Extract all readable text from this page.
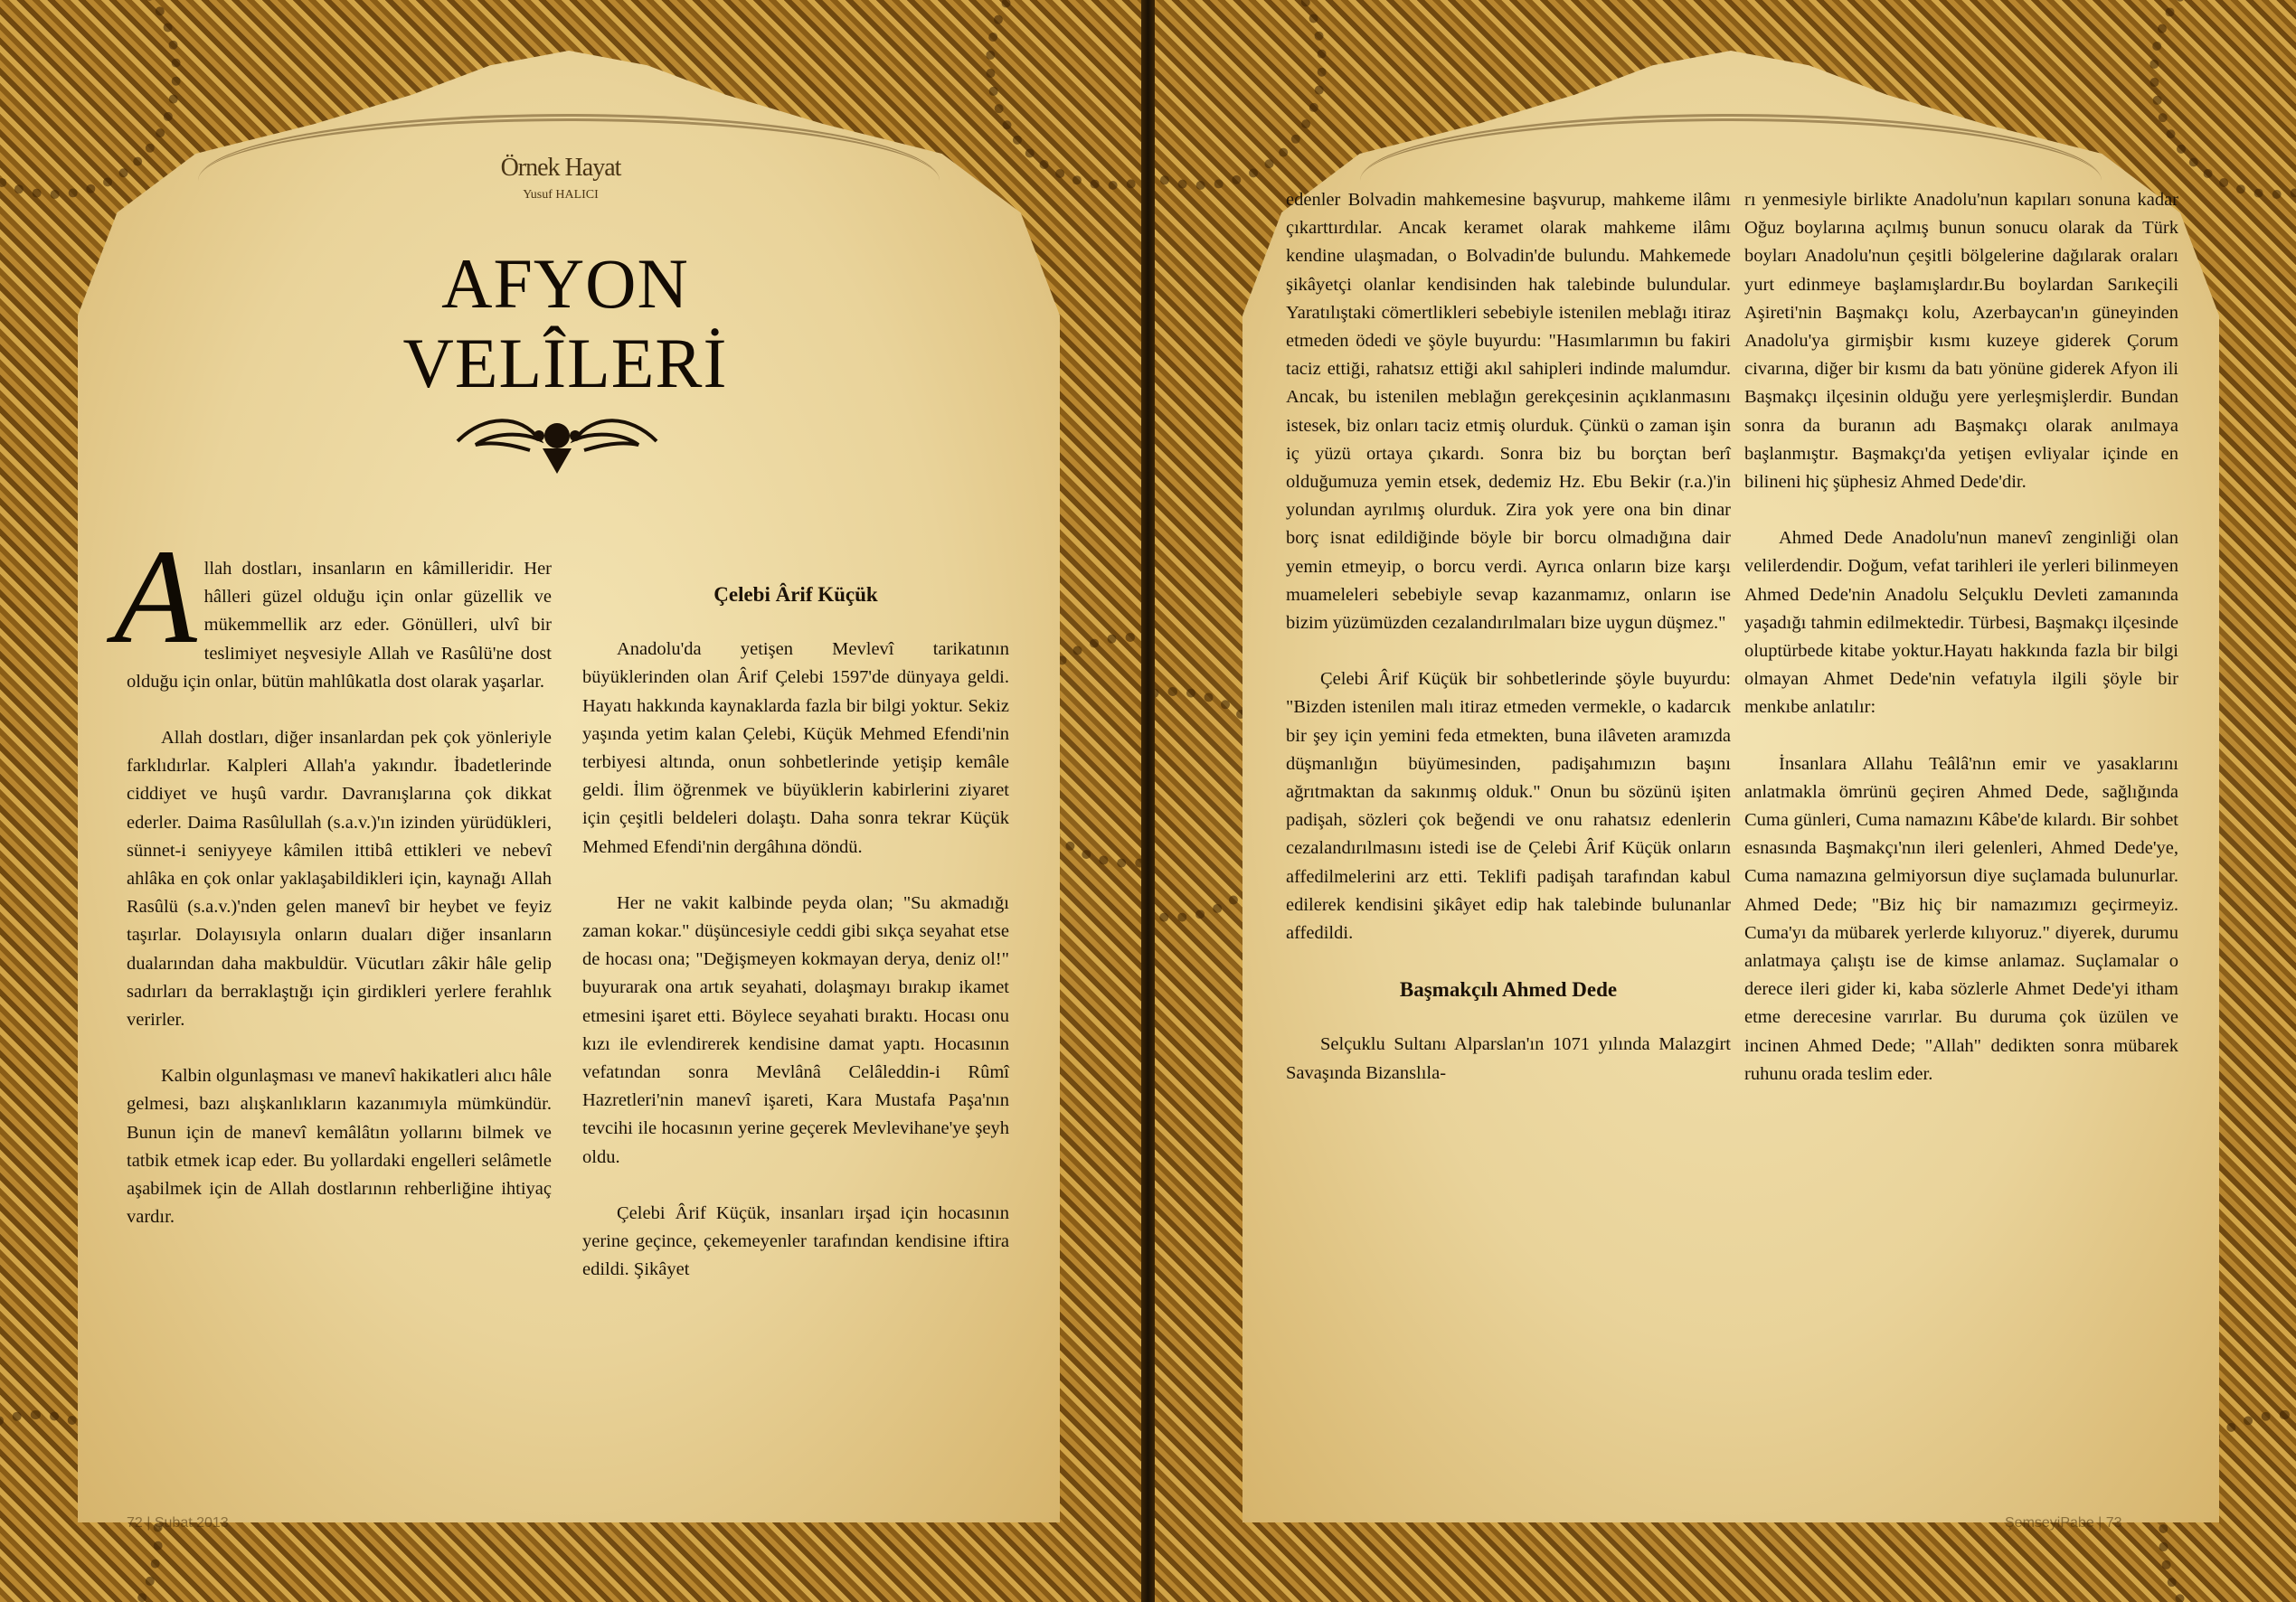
Örnek Hayat
Yusuf HALICI
AFYON
VELÎLERİ

Allah dostları, insanların en kâmilleridir. Her hâlleri güzel olduğu için onlar güzellik ve mükemmellik arz eder. Gönülleri, ulvî bir teslimiyet neşvesiyle Allah ve Rasûlü'ne dost olduğu için onlar, bütün mahlûkatla dost olarak yaşarlar.

Allah dostları, diğer insanlardan pek çok yönleriyle farklıdırlar. Kalpleri Allah'a yakındır. İbadetlerinde ciddiyet ve huşû vardır. Davranışlarına çok dikkat ederler. Daima Rasûlullah (s.a.v.)'ın izinden yürüdükleri, sünnet-i seniyyeye kâmilen ittibâ ettikleri ve nebevî ahlâka en çok onlar yaklaşabildikleri için, kaynağı Allah Rasûlü (s.a.v.)'nden gelen manevî bir heybet ve feyiz taşırlar. Dolayısıyla onların duaları diğer insanların dualarından daha makbuldür. Vücutları zâkir hâle gelip sadırları da berraklaştığı için girdikleri yerlere ferahlık verirler.

Kalbin olgunlaşması ve manevî hakikatleri alıcı hâle gelmesi, bazı alışkanlıkların kazanımıyla mümkündür. Bunun için de manevî kemâlâtın yollarını bilmek ve tatbik etmek icap eder. Bu yollardaki engelleri selâmetle aşabilmek için de Allah dostlarının rehberliğine ihtiyaç vardır.

Çelebi Ârif Küçük

Anadolu'da yetişen Mevlevî tarikatının büyüklerinden olan Ârif Çelebi 1597'de dünyaya geldi. Hayatı hakkında kaynaklarda fazla bir bilgi yoktur. Sekiz yaşında yetim kalan Çelebi, Küçük Mehmed Efendi'nin terbiyesi altında, onun sohbetlerinde yetişip kemâle geldi. İlim öğrenmek ve büyüklerin kabirlerini ziyaret için çeşitli beldeleri dolaştı. Daha sonra tekrar Küçük Mehmed Efendi'nin dergâhına döndü.

Her ne vakit kalbinde peyda olan; "Su akmadığı zaman kokar." düşüncesiyle ceddi gibi sıkça seyahat etse de hocası ona; "Değişmeyen kokmayan derya, deniz ol!" buyurarak ona artık seyahati, dolaşmayı bırakıp ikamet etmesini işaret etti. Böylece seyahati bıraktı. Hocası onu kızı ile evlendirerek kendisine damat yaptı. Hocasının vefatından sonra Mevlânâ Celâleddin-i Rûmî Hazretleri'nin manevî işareti, Kara Mustafa Paşa'nın tevcihi ile hocasının yerine geçerek Mevlevihane'ye şeyh oldu.

Çelebi Ârif Küçük, insanları irşad için hocasının yerine geçince, çekemeyenler tarafından kendisine iftira edildi. Şikâyet

72 | Şubat 2013

edenler Bolvadin mahkemesine başvurup, mahkeme ilâmı çıkarttırdılar. Ancak keramet olarak mahkeme ilâmı kendine ulaşmadan, o Bolvadin'de bulundu. Mahkemede şikâyetçi olanlar kendisinden hak talebinde bulundular. Yaratılıştaki cömertlikleri sebebiyle istenilen meblağı itiraz etmeden ödedi ve şöyle buyurdu: "Hasımlarımın bu fakiri taciz ettiği, rahatsız ettiği akıl sahipleri indinde malumdur. Ancak, bu istenilen meblağın gerekçesinin açıklanmasını istesek, biz onları taciz etmiş olurduk. Çünkü o zaman işin iç yüzü ortaya çıkardı. Sonra biz bu borçtan berî olduğumuza yemin etsek, dedemiz Hz. Ebu Bekir (r.a.)'in yolundan ayrılmış olurduk. Zira yok yere ona bin dinar borç isnat edildiğinde böyle bir borcu olmadığına dair yemin etmeyip, o borcu verdi. Ayrıca onların bize karşı muameleleri sebebiyle sevap kazanmamız, onların ise bizim yüzümüzden cezalandırılmaları bize uygun düşmez."

Çelebi Ârif Küçük bir sohbetlerinde şöyle buyurdu: "Bizden istenilen malı itiraz etmeden vermekle, o kadarcık bir şey için yemini feda etmekten, buna ilâveten aramızda düşmanlığın büyümesinden, padişahımızın başını ağrıtmaktan da sakınmış olduk." Onun bu sözünü işiten padişah, sözleri çok beğendi ve onu rahatsız edenlerin cezalandırılmasını istedi ise de Çelebi Ârif Küçük onların affedilmelerini arz etti. Teklifi padişah tarafından kabul edilerek kendisini şikâyet edip hak talebinde bulunanlar affedildi.

Başmakçılı Ahmed Dede

Selçuklu Sultanı Alparslan'ın 1071 yılında Malazgirt Savaşında Bizanslıla-

rı yenmesiyle birlikte Anadolu'nun kapıları sonuna kadar Oğuz boylarına açılmış bunun sonucu olarak da Türk boyları Anadolu'nun çeşitli bölgelerine dağılarak oraları yurt edinmeye başlamışlardır.Bu boylardan Sarıkeçili Aşireti'nin Başmakçı kolu, Azerbaycan'ın güneyinden Anadolu'ya girmişbir kısmı kuzeye giderek Çorum civarına, diğer bir kısmı da batı yönüne giderek Afyon ili Başmakçı ilçesinin olduğu yere yerleşmişlerdir. Bundan sonra da buranın adı Başmakçı olarak anılmaya başlanmıştır. Başmakçı'da yetişen evliyalar içinde en bilineni hiç şüphesiz Ahmed Dede'dir.

Ahmed Dede Anadolu'nun manevî zenginliği olan velilerdendir. Doğum, vefat tarihleri ile yerleri bilinmeyen Ahmed Dede'nin Anadolu Selçuklu Devleti zamanında yaşadığı tahmin edilmektedir. Türbesi, Başmakçı ilçesinde oluptürbede kitabe yoktur.Hayatı hakkında fazla bir bilgi olmayan Ahmet Dede'nin vefatıyla ilgili şöyle bir menkıbe anlatılır:

İnsanlara Allahu Teâlâ'nın emir ve yasaklarını anlatmakla ömrünü geçiren Ahmed Dede, sağlığında Cuma günleri, Cuma namazını Kâbe'de kılardı. Bir sohbet esnasında Başmakçı'nın ileri gelenleri, Ahmed Dede'ye, Cuma namazına gelmiyorsun diye suçlamada bulunurlar. Ahmed Dede; "Biz hiç bir namazımızı geçirmeyiz. Cuma'yı da mübarek yerlerde kılıyoruz." diyerek, durumu anlatmaya çalıştı ise de kimse anlamaz. Suçlamalar o derece ileri gider ki, kaba sözlerle Ahmet Dede'yi itham etme derecesine varırlar. Bu duruma çok üzülen ve incinen Ahmed Dede; "Allah" dedikten sonra mübarek ruhunu orada teslim eder.

ŞemseyiPabe | 73
